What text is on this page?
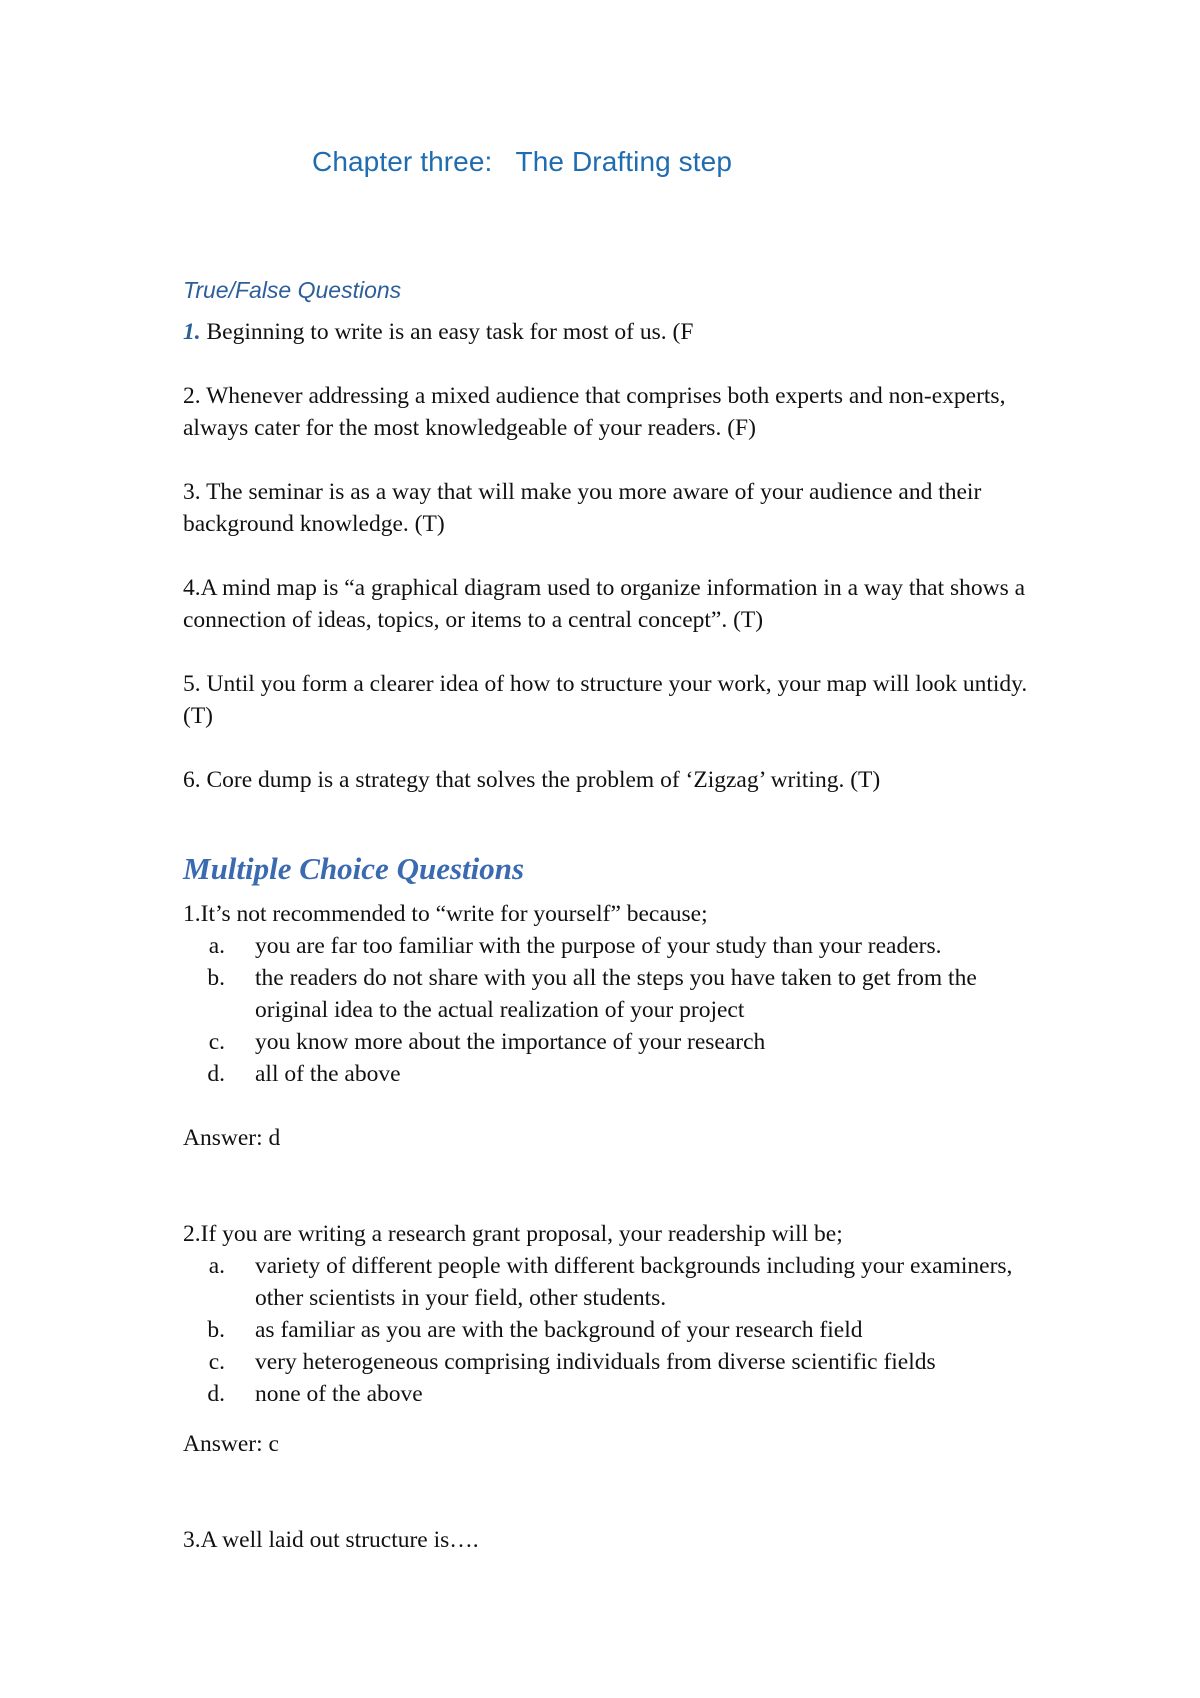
Chapter three:   The Drafting step
True/False Questions
1. Beginning to write is an easy task for most of us. (F
2. Whenever addressing a mixed audience that comprises both experts and non-experts, always cater for the most knowledgeable of your readers. (F)
3. The seminar is as a way that will make you more aware of your audience and their background knowledge. (T)
4.A mind map is “a graphical diagram used to organize information in a way that shows a connection of ideas, topics, or items to a central concept”. (T)
5. Until you form a clearer idea of how to structure your work, your map will look untidy. (T)
6. Core dump is a strategy that solves the problem of ‘Zigzag’ writing. (T)
Multiple Choice Questions
1.It’s not recommended to “write for yourself” because;
a.	you are far too familiar with the purpose of your study than your readers.
b.	the readers do not share with you all the steps you have taken to get from the original idea to the actual realization of your project
c.	you know more about the importance of your research
d.	all of the above
Answer: d
2.If you are writing a research grant proposal, your readership will be;
a.	variety of different people with different backgrounds including your examiners, other scientists in your field, other students.
b.	as familiar as you are with the background of your research field
c.	very heterogeneous comprising individuals from diverse scientific fields
d.	none of the above
Answer: c
3.A well laid out structure is….
